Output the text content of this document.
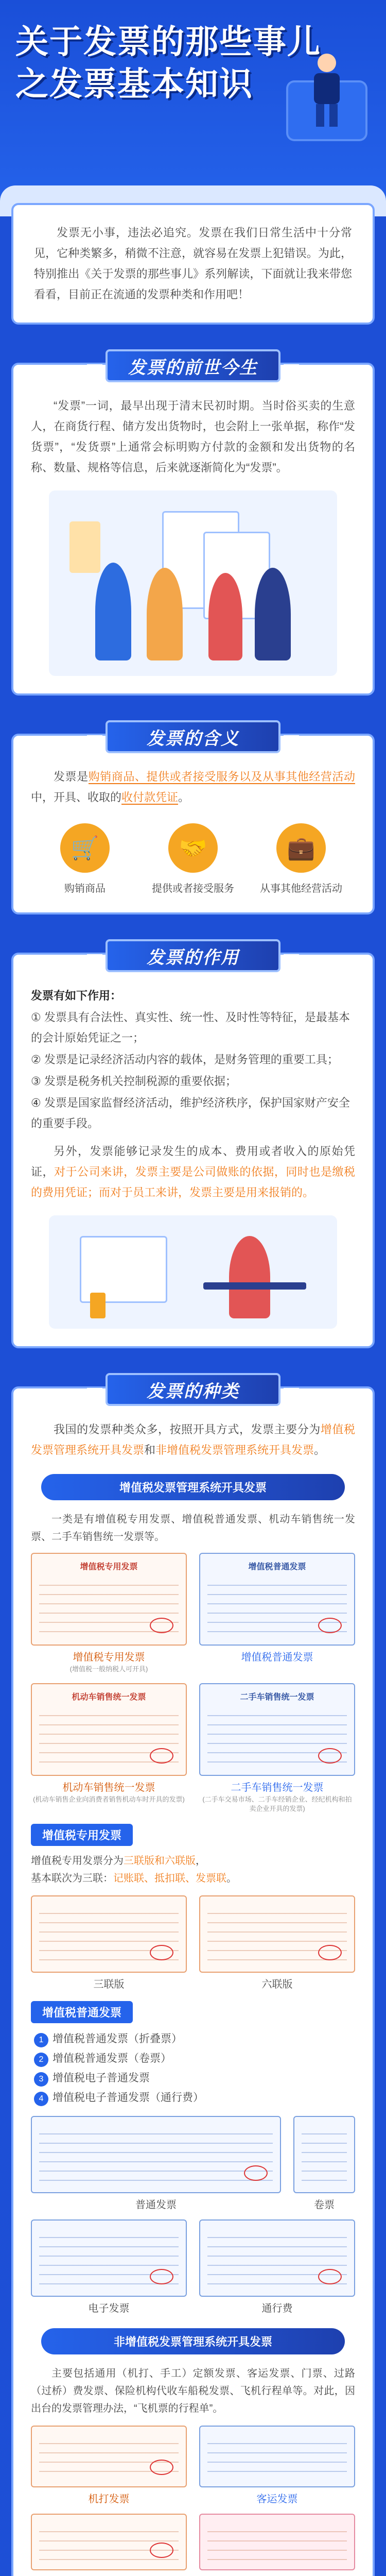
关于发票的那些事儿
之发票基本知识

发票无小事，违法必追究。发票在我们日常生活中十分常见，它种类繁多，稍微不注意，就容易在发票上犯错误。为此，特别推出《关于发票的那些事儿》系列解读，下面就让我来带您看看，目前正在流通的发票种类和作用吧！

发票的前世今生

“发票”一词，最早出现于清末民初时期。当时俗买卖的生意人，在商货行程、储方发出货物时，也会附上一张单据，称作“发货票”，“发货票”上通常会标明购方付款的金额和发出货物的名称、数量、规格等信息，后来就逐渐简化为“发票”。

发票的含义

发票是购销商品、提供或者接受服务以及从事其他经营活动中，开具、收取的收付款凭证。

🛒
购销商品
🤝
提供或者接受服务
💼
从事其他经营活动
发票的作用

发票有如下作用：

① 发票具有合法性、真实性、统一性、及时性等特征，是最基本的会计原始凭证之一；

② 发票是记录经济活动内容的载体，是财务管理的重要工具；

③ 发票是税务机关控制税源的重要依据；

④ 发票是国家监督经济活动，维护经济秩序，保护国家财产安全的重要手段。

另外，发票能够记录发生的成本、费用或者收入的原始凭证，对于公司来讲，发票主要是公司做账的依据，同时也是缴税的费用凭证；而对于员工来讲，发票主要是用来报销的。

发票的种类

我国的发票种类众多，按照开具方式，发票主要分为增值税发票管理系统开具发票和非增值税发票管理系统开具发票。

增值税发票管理系统开具发票

一类是有增值税专用发票、增值税普通发票、机动车销售统一发票、二手车销售统一发票等。

增值税专用发票
增值税专用发票
(增值税一般纳税人可开具)
增值税普通发票
增值税普通发票
机动车销售统一发票
机动车销售统一发票
(机动车销售企业向消费者销售机动车时开具的发票)
二手车销售统一发票
二手车销售统一发票
(二手车交易市场、二手车经销企业、经纪机构和拍卖企业开具的发票)
增值税专用发票

增值税专用发票分为三联版和六联版，
基本联次为三联：记账联、抵扣联、发票联。

三联版	六联版
增值税普通发票
1 增值税普通发票（折叠票）
2 增值税普通发票（卷票）
3 增值税电子普通发票
4 增值税电子普通发票（通行费）
普通发票	卷票
电子发票	通行费
非增值税发票管理系统开具发票

主要包括通用（机打、手工）定额发票、客运发票、门票、过路（过桥）费发票、保险机构代收车船税发票、飞机行程单等。对此，因出台的发票管理办法，“飞机票的行程单”。

机打发票	客运发票
